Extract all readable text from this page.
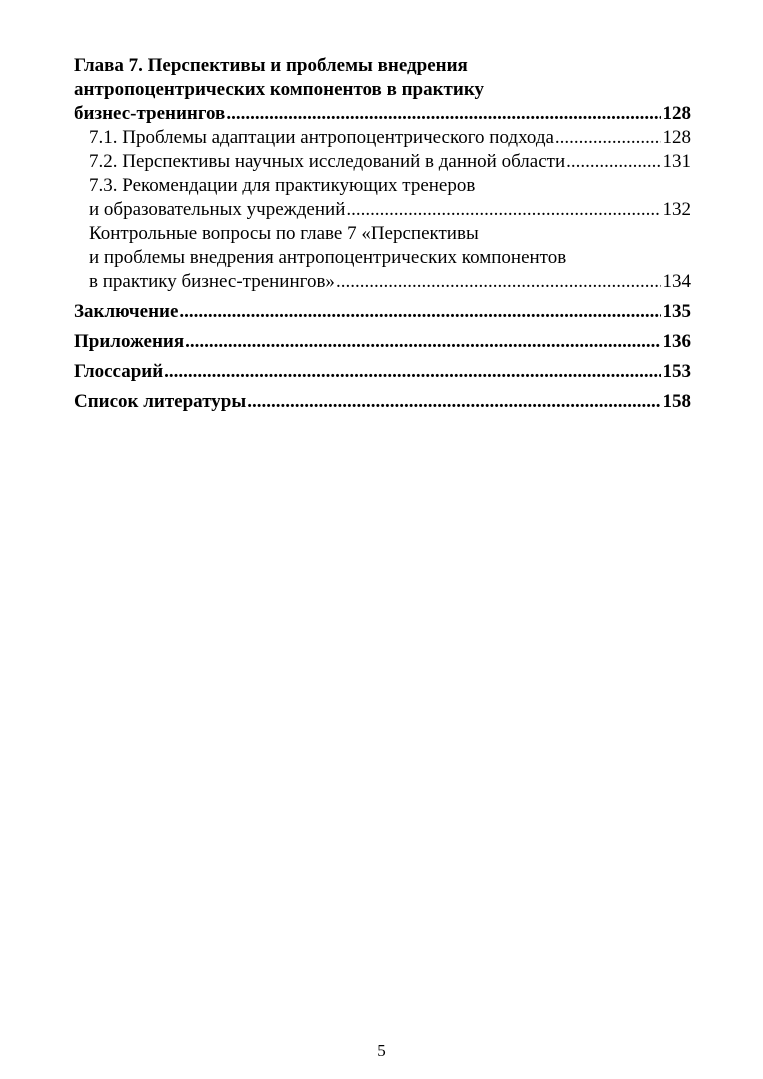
Глава 7. Перспективы и проблемы внедрения
антропоцентрических компонентов в практику
бизнес-тренингов .....	128
7.1. Проблемы адаптации антропоцентрического подхода .....	128
7.2. Перспективы научных исследований в данной области .....	131
7.3. Рекомендации для практикующих тренеров
и образовательных учреждений .....	132
Контрольные вопросы по главе 7 «Перспективы
и проблемы внедрения антропоцентрических компонентов
в практику бизнес-тренингов» .....	134
Заключение .....	135
Приложения .....	136
Глоссарий .....	153
Список литературы .....	158
5
